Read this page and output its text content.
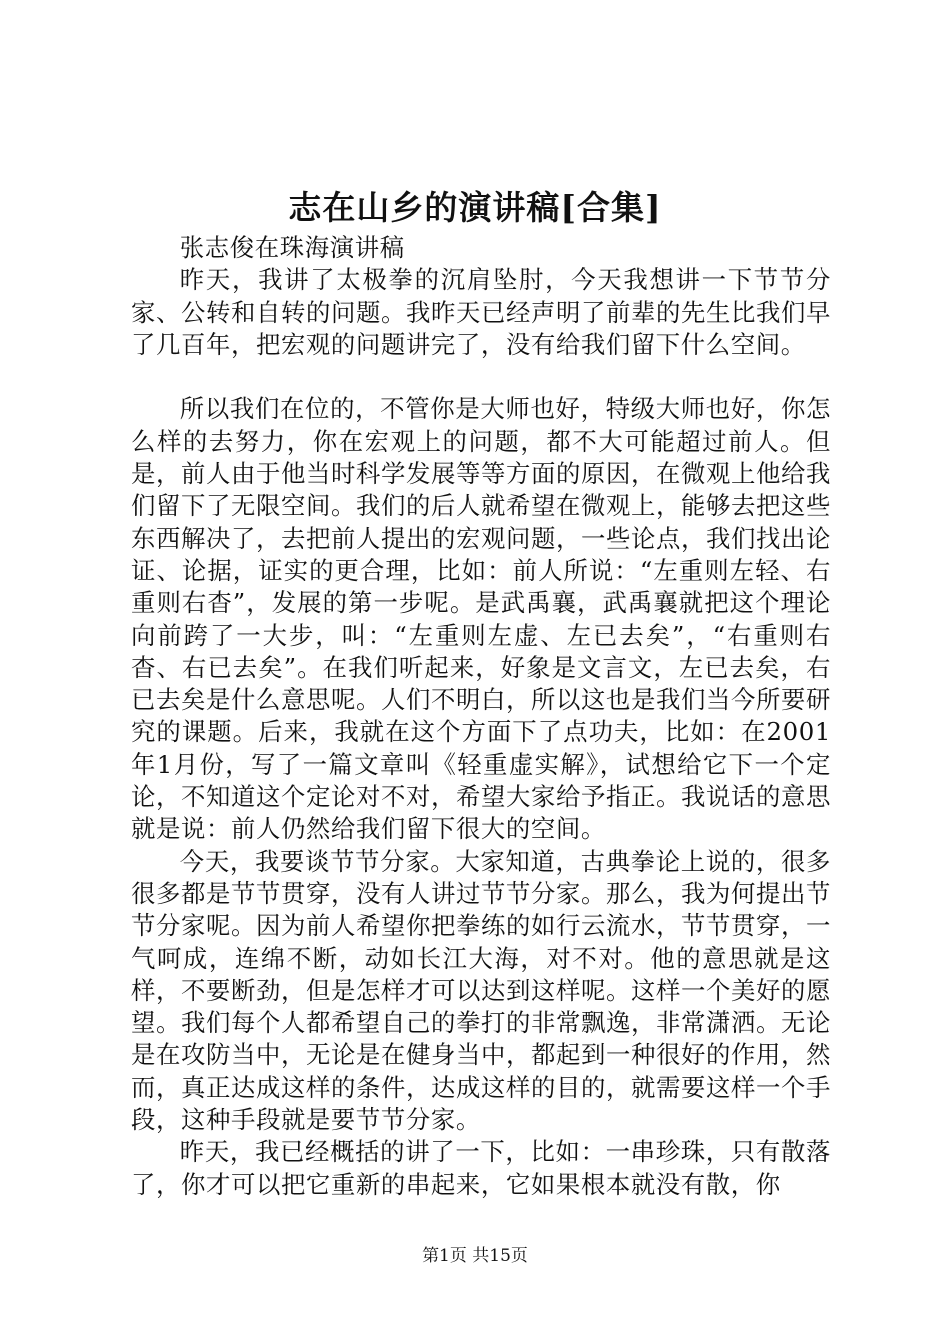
志在山乡的演讲稿[合集]

张志俊在珠海演讲稿

昨天，我讲了太极拳的沉肩坠肘，今天我想讲一下节节分家、公转和自转的问题。我昨天已经声明了前辈的先生比我们早了几百年，把宏观的问题讲完了，没有给我们留下什么空间。

所以我们在位的，不管你是大师也好，特级大师也好，你怎么样的去努力，你在宏观上的问题，都不大可能超过前人。但是，前人由于他当时科学发展等等方面的原因，在微观上他给我们留下了无限空间。我们的后人就希望在微观上，能够去把这些东西解决了，去把前人提出的宏观问题，一些论点，我们找出论证、论据，证实的更合理，比如：前人所说：“左重则左轻、右重则右杳”，发展的第一步呢。是武禹襄，武禹襄就把这个理论向前跨了一大步，叫：“左重则左虚、左已去矣”，“右重则右杳、右已去矣”。在我们听起来，好象是文言文，左已去矣，右已去矣是什么意思呢。人们不明白，所以这也是我们当今所要研究的课题。后来，我就在这个方面下了点功夫，比如：在2001年1月份，写了一篇文章叫《轻重虚实解》，试想给它下一个定论，不知道这个定论对不对，希望大家给予指正。我说话的意思就是说：前人仍然给我们留下很大的空间。

今天，我要谈节节分家。大家知道，古典拳论上说的，很多很多都是节节贯穿，没有人讲过节节分家。那么，我为何提出节节分家呢。因为前人希望你把拳练的如行云流水，节节贯穿，一气呵成，连绵不断，动如长江大海，对不对。他的意思就是这样，不要断劲，但是怎样才可以达到这样呢。这样一个美好的愿望。我们每个人都希望自己的拳打的非常飘逸，非常潇洒。无论是在攻防当中，无论是在健身当中，都起到一种很好的作用，然而，真正达成这样的条件，达成这样的目的，就需要这样一个手段，这种手段就是要节节分家。

昨天，我已经概括的讲了一下，比如：一串珍珠，只有散落了，你才可以把它重新的串起来，它如果根本就没有散，你

第1页 共15页
